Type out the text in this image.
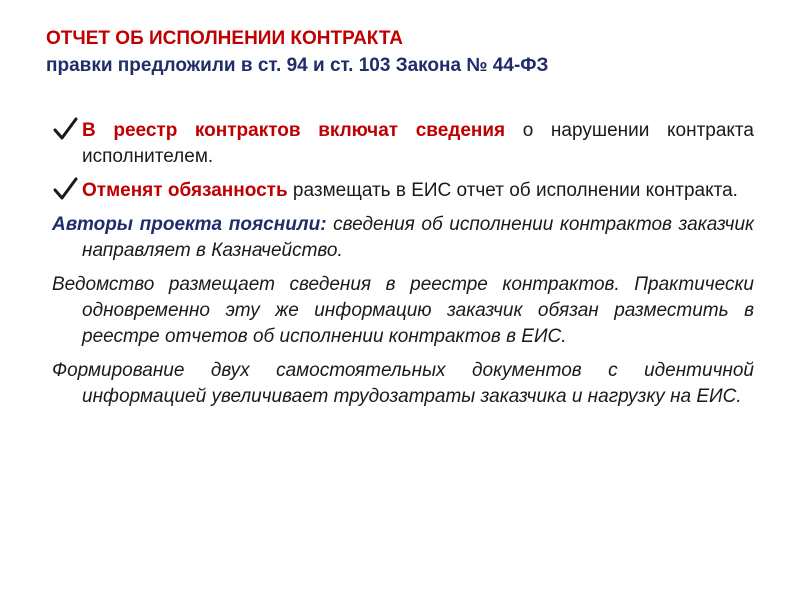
ОТЧЕТ ОБ ИСПОЛНЕНИИ КОНТРАКТА

правки предложили в ст. 94 и ст. 103 Закона № 44-ФЗ

В реестр контрактов включат сведения о нарушении контракта исполнителем.
Отменят обязанность размещать в ЕИС отчет об исполнении контракта.
Авторы проекта пояснили: сведения об исполнении контрактов заказчик направляет в Казначейство.
Ведомство размещает сведения в реестре контрактов. Практически одновременно эту же информацию заказчик обязан разместить в реестре отчетов об исполнении контрактов в ЕИС.
Формирование двух самостоятельных документов с идентичной информацией увеличивает трудозатраты заказчика и нагрузку на ЕИС.
